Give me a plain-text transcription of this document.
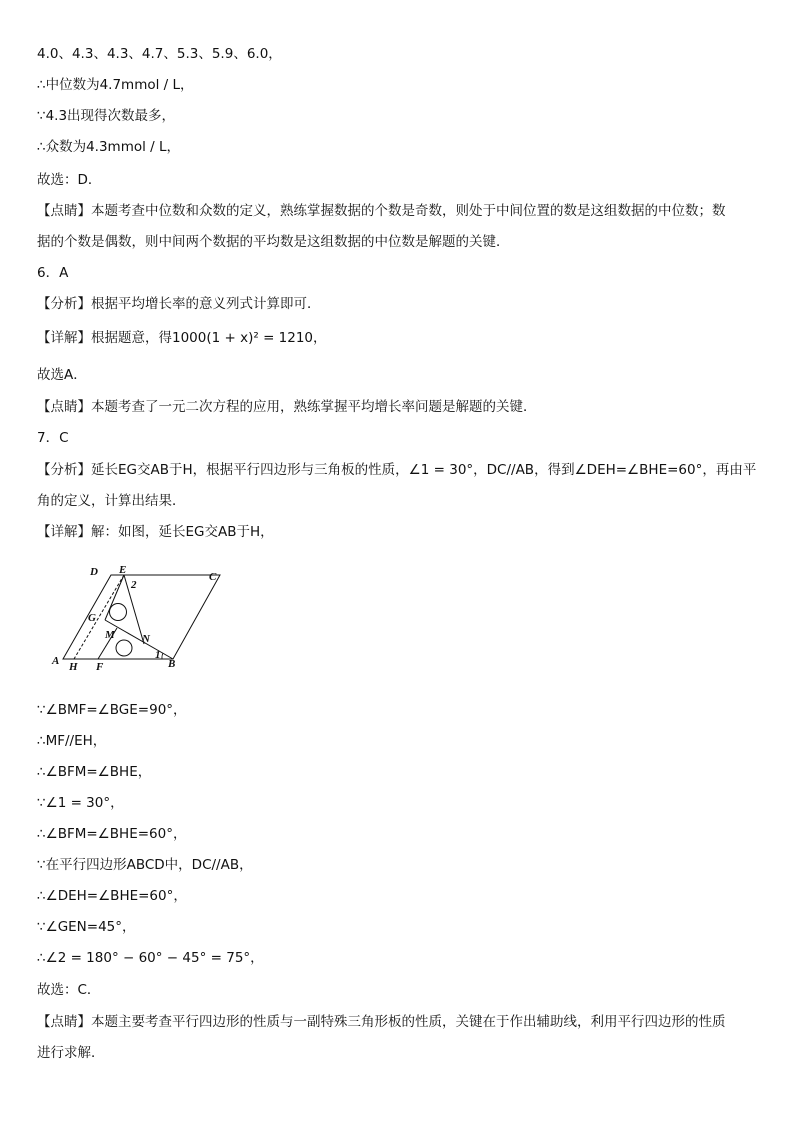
4.0、4.3、4.3、4.7、5.3、5.9、6.0，
∴中位数为4.7mmol / L，
∵4.3出现得次数最多，
∴众数为4.3mmol / L，
故选：D．
【点睛】本题考查中位数和众数的定义，熟练掌握数据的个数是奇数，则处于中间位置的数是这组数据的中位数；数
据的个数是偶数，则中间两个数据的平均数是这组数据的中位数是解题的关键．
6．A
【分析】根据平均增长率的意义列式计算即可．
【详解】根据题意，得1000(1 + x)² = 1210，
故选A．
【点睛】本题考查了一元二次方程的应用，熟练掌握平均增长率问题是解题的关键．
7．C
【分析】延长EG交AB于H，根据平行四边形与三角板的性质，∠1 = 30°，DC//AB，得到∠DEH=∠BHE=60°，再由平
角的定义，计算出结果．
【详解】解：如图，延长EG交AB于H，
D E
2
C
G
M N
1
A H F	B
∵∠BMF=∠BGE=90°，
∴MF//EH，
∴∠BFM=∠BHE，
∵∠1 = 30°，
∴∠BFM=∠BHE=60°，
∵在平行四边形ABCD中，DC//AB，
∴∠DEH=∠BHE=60°，
∵∠GEN=45°，
∴∠2 = 180° − 60° − 45° = 75°，
故选：C．
【点睛】本题主要考查平行四边形的性质与一副特殊三角形板的性质，关键在于作出辅助线，利用平行四边形的性质
进行求解．
